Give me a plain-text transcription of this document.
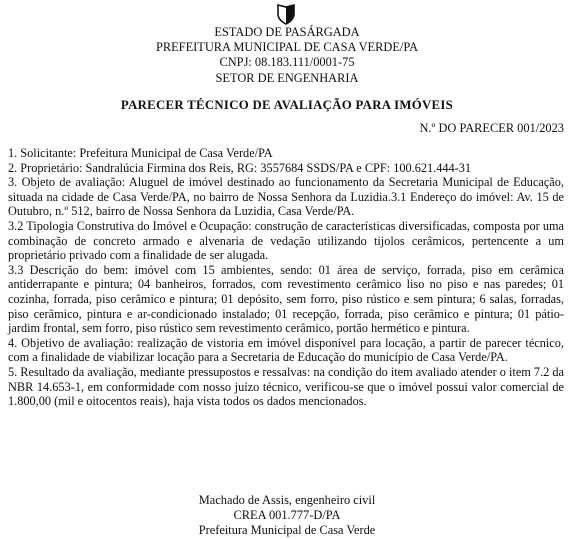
ESTADO DE PASÁRGADA
PREFEITURA MUNICIPAL DE CASA VERDE/PA
CNPJ: 08.183.111/0001-75
SETOR DE ENGENHARIA
PARECER TÉCNICO DE AVALIAÇÃO PARA IMÓVEIS
N.º DO PARECER 001/2023

1. Solicitante: Prefeitura Municipal de Casa Verde/PA

2. Proprietário: Sandralúcia Firmina dos Reis, RG: 3557684 SSDS/PA e CPF: 100.621.444-31

3. Objeto de avaliação: Aluguel de imóvel destinado ao funcionamento da Secretaria Municipal de Educação, situada na cidade de Casa Verde/PA, no bairro de Nossa Senhora da Luzidia.3.1 Endereço do imóvel: Av. 15 de Outubro, n.º 512, bairro de Nossa Senhora da Luzidia, Casa Verde/PA.

3.2 Tipologia Construtiva do Imóvel e Ocupação: construção de características diversificadas, composta por uma combinação de concreto armado e alvenaria de vedação utilizando tijolos cerâmicos, pertencente a um proprietário privado com a finalidade de ser alugada.

3.3 Descrição do bem: imóvel com 15 ambientes, sendo: 01 área de serviço, forrada, piso em cerâmica antiderrapante e pintura; 04 banheiros, forrados, com revestimento cerâmico liso no piso e nas paredes; 01 cozinha, forrada, piso cerâmico e pintura; 01 depósito, sem forro, piso rústico e sem pintura; 6 salas, forradas, piso cerâmico, pintura e ar-condicionado instalado; 01 recepção, forrada, piso cerâmico e pintura; 01 pátio-jardim frontal, sem forro, piso rústico sem revestimento cerâmico, portão hermético e pintura.

4. Objetivo de avaliação: realização de vistoria em imóvel disponível para locação, a partir de parecer técnico, com a finalidade de viabilizar locação para a Secretaria de Educação do município de Casa Verde/PA.

5. Resultado da avaliação, mediante pressupostos e ressalvas: na condição do item avaliado atender o item 7.2 da NBR 14.653-1, em conformidade com nosso juízo técnico, verificou-se que o imóvel possui valor comercial de 1.800,00 (mil e oitocentos reais), haja vista todos os dados mencionados.

Machado de Assis, engenheiro civil
CREA 001.777-D/PA
Prefeitura Municipal de Casa Verde
